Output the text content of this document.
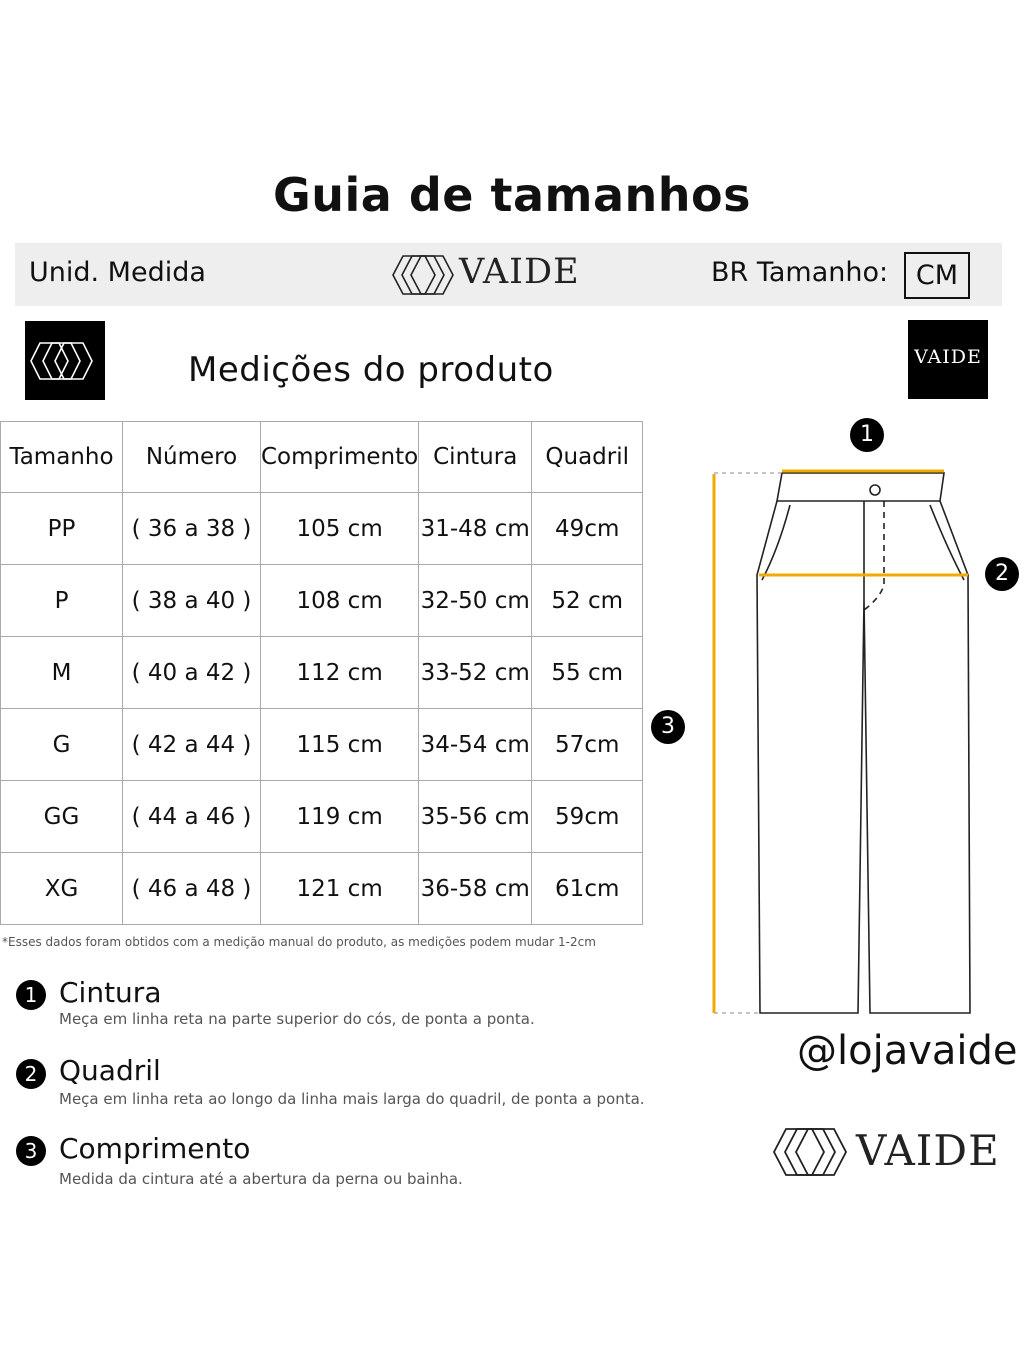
Guia de tamanhos
Unid. Medida	VAIDE	BR Tamanho:	CM
Medições do produto	VAIDE
Tamanho	Número	Comprimento	Cintura	Quadril
PP	( 36 a 38 )	105 cm	31-48 cm	49cm
P	( 38 a 40 )	108 cm	32-50 cm	52 cm
M	( 40 a 42 )	112 cm	33-52 cm	55 cm
G	( 42 a 44 )	115 cm	34-54 cm	57cm
GG	( 44 a 46 )	119 cm	35-56 cm	59cm
XG	( 46 a 48 )	121 cm	36-58 cm	61cm
*Esses dados foram obtidos com a medição manual do produto, as medições podem mudar 1-2cm
1
2
3
1 Cintura
Meça em linha reta na parte superior do cós, de ponta a ponta.
2 Quadril
Meça em linha reta ao longo da linha mais larga do quadril, de ponta a ponta.
3 Comprimento
Medida da cintura até a abertura da perna ou bainha.
@lojavaide
VAIDE
